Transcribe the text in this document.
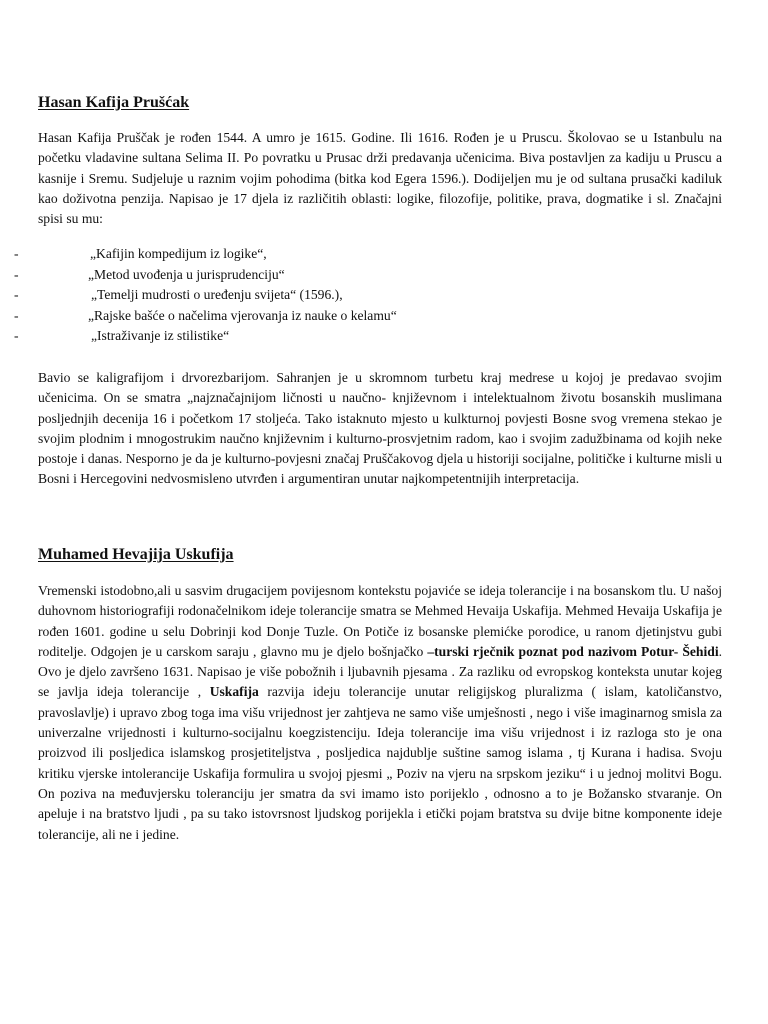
Hasan Kafija Prušćak

Hasan Kafija Pruščak je rođen 1544. A umro je 1615. Godine. Ili 1616. Rođen je u Pruscu. Školovao se u Istanbulu na početku vladavine sultana Selima II. Po povratku u Prusac drži predavanja učenicima. Biva postavljen za kadiju u Pruscu a kasnije i Sremu. Sudjeluje u raznim vojim pohodima (bitka kod Egera 1596.). Dodijeljen mu je od sultana prusački kadiluk kao doživotna penzija. Napisao je 17 djela iz različitih oblasti: logike, filozofije, politike, prava, dogmatike i sl. Značajni spisi su mu:

-	„Kafijin kompedijum iz logike“,
-	„Metod uvođenja u jurisprudenciju“
-	„Temelji mudrosti o uređenju svijeta“ (1596.),
-	„Rajske bašće o načelima vjerovanja iz nauke o kelamu“
-	„Istraživanje iz stilistike“

Bavio se kaligrafijom i drvorezbarijom. Sahranjen je u skromnom turbetu kraj medrese u kojoj je predavao svojim učenicima. On se smatra „najznačajnijom ličnosti u naučno- književnom i intelektualnom životu bosanskih muslimana posljednjih decenija 16 i početkom 17 stoljeća. Tako istaknuto mjesto u kulkturnoj povjesti Bosne svog vremena stekao je svojim plodnim i mnogostrukim naučno književnim i kulturno-prosvjetnim radom, kao i svojim zadužbinama od kojih neke postoje i danas. Nesporno je da je kulturno-povjesni značaj Pruščakovog djela u historiji socijalne, političke i kulturne misli u Bosni i Hercegovini nedvosmisleno utvrđen i argumentiran unutar najkompetentnijih interpretacija.

Muhamed Hevajija Uskufija

Vremenski istodobno,ali u sasvim drugacijem povijesnom kontekstu pojaviće se ideja tolerancije i na bosanskom tlu. U našoj duhovnom historiografiji rodonačelnikom ideje tolerancije smatra se Mehmed Hevaija Uskafija. Mehmed Hevaija Uskafija je rođen 1601. godine u selu Dobrinji kod Donje Tuzle. On Potiče iz bosanske plemićke porodice, u ranom djetinjstvu gubi roditelje. Odgojen je u carskom saraju , glavno mu je djelo bošnjačko –turski rječnik poznat pod nazivom Potur- Šehidi. Ovo je djelo završeno 1631. Napisao je više pobožnih i ljubavnih pjesama . Za razliku od evropskog konteksta unutar kojeg se javlja ideja tolerancije , Uskafija razvija ideju tolerancije unutar religijskog pluralizma ( islam, katoličanstvo, pravoslavlje) i upravo zbog toga ima višu vrijednost jer zahtjeva ne samo više umješnosti , nego i više imaginarnog smisla za univerzalne vrijednosti i kulturno-socijalnu koegzistenciju. Ideja tolerancije ima višu vrijednost i iz razloga sto je ona proizvod ili posljedica islamskog prosjetiteljstva , posljedica najdublje suštine samog islama , tj Kurana i hadisa. Svoju kritiku vjerske intolerancije Uskafija formulira u svojoj pjesmi „ Poziv na vjeru na srpskom jeziku“ i u jednoj molitvi Bogu. On poziva na međuvjersku toleranciju jer smatra da svi imamo isto porijeklo , odnosno a to je Božansko stvaranje. On apeluje i na bratstvo ljudi , pa su tako istovrsnost ljudskog porijekla i etički pojam bratstva su dvije bitne komponente ideje tolerancije, ali ne i jedine.
